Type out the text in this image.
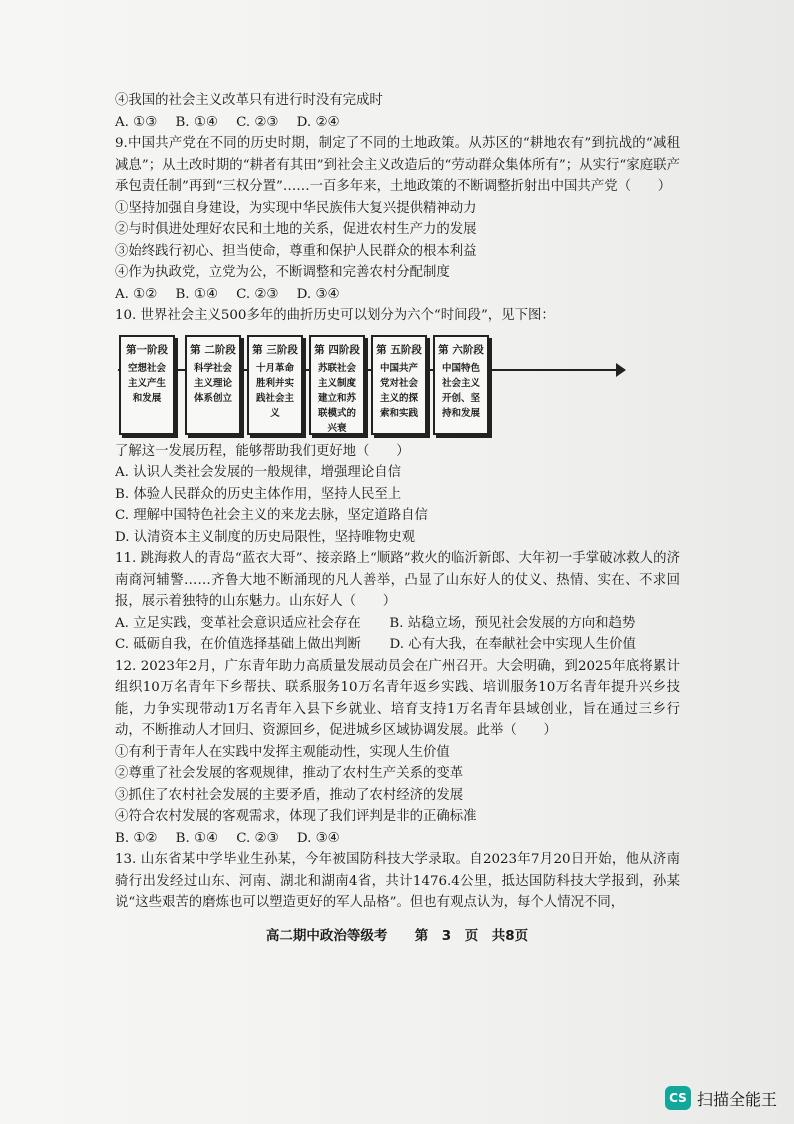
④我国的社会主义改革只有进行时没有完成时
A. ①③ B. ①④ C. ②③ D. ②④
9.中国共产党在不同的历史时期，制定了不同的土地政策。从苏区的“耕地农有”到抗战的“减租减息”；从土改时期的“耕者有其田”到社会主义改造后的“劳动群众集体所有”；从实行“家庭联产承包责任制”再到“三权分置”……一百多年来，土地政策的不断调整折射出中国共产党（　　）
①坚持加强自身建设，为实现中华民族伟大复兴提供精神动力
②与时俱进处理好农民和土地的关系，促进农村生产力的发展
③始终践行初心、担当使命，尊重和保护人民群众的根本利益
④作为执政党，立党为公，不断调整和完善农村分配制度
A. ①② B. ①④ C. ②③ D. ③④
10. 世界社会主义500多年的曲折历史可以划分为六个“时间段”，见下图：
第一阶段
空想社会主义产生和发展
第 二阶段
科学社会主义理论体系创立
第 三阶段
十月革命胜利并实践社会主义
第 四阶段
苏联社会主义制度建立和苏联模式的兴衰
第 五阶段
中国共产党对社会主义的探索和实践
第 六阶段
中国特色社会主义开创、坚持和发展
了解这一发展历程，能够帮助我们更好地（　　）
A. 认识人类社会发展的一般规律，增强理论自信
B. 体验人民群众的历史主体作用，坚持人民至上
C. 理解中国特色社会主义的来龙去脉，坚定道路自信
D. 认清资本主义制度的历史局限性，坚持唯物史观
11. 跳海救人的青岛“蓝衣大哥”、接亲路上“顺路”救火的临沂新郎、大年初一手掌破冰救人的济南商河辅警……齐鲁大地不断涌现的凡人善举，凸显了山东好人的仗义、热情、实在、不求回报，展示着独特的山东魅力。山东好人（　　）
A. 立足实践，变革社会意识适应社会存在 B. 站稳立场，预见社会发展的方向和趋势
C. 砥砺自我，在价值选择基础上做出判断 D. 心有大我，在奉献社会中实现人生价值
12. 2023年2月，广东青年助力高质量发展动员会在广州召开。大会明确，到2025年底将累计组织10万名青年下乡帮扶、联系服务10万名青年返乡实践、培训服务10万名青年提升兴乡技能，力争实现带动1万名青年入县下乡就业、培育支持1万名青年县域创业，旨在通过三乡行动，不断推动人才回归、资源回乡，促进城乡区域协调发展。此举（　　）
①有利于青年人在实践中发挥主观能动性，实现人生价值
②尊重了社会发展的客观规律，推动了农村生产关系的变革
③抓住了农村社会发展的主要矛盾，推动了农村经济的发展
④符合农村发展的客观需求，体现了我们评判是非的正确标准
B. ①② B. ①④ C. ②③ D. ③④
13. 山东省某中学毕业生孙某，今年被国防科技大学录取。自2023年7月20日开始，他从济南骑行出发经过山东、河南、湖北和湖南4省，共计1476.4公里，抵达国防科技大学报到，孙某说“这些艰苦的磨炼也可以塑造更好的军人品格”。但也有观点认为，每个人情况不同，
高二期中政治等级考 第　3　页　共8页
CS 扫描全能王
